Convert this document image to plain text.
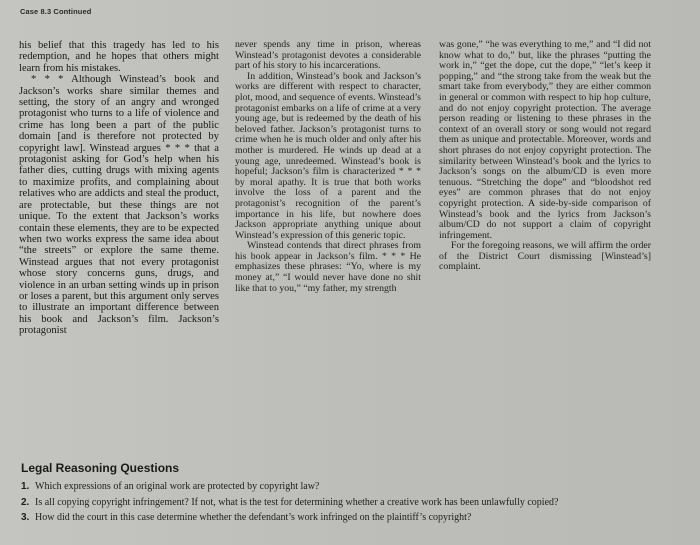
Case 8.3 Continued

his belief that this tragedy has led to his redemption, and he hopes that others might learn from his mistakes.

* * * Although Winstead’s book and Jackson’s works share similar themes and setting, the story of an angry and wronged protagonist who turns to a life of violence and crime has long been a part of the public domain [and is therefore not protected by copyright law]. Winstead argues * * * that a protagonist asking for God’s help when his father dies, cutting drugs with mixing agents to maximize profits, and complaining about relatives who are addicts and steal the product, are protectable, but these things are not unique. To the extent that Jackson’s works contain these elements, they are to be expected when two works express the same idea about “the streets” or explore the same theme. Winstead argues that not every protagonist whose story concerns guns, drugs, and violence in an urban setting winds up in prison or loses a parent, but this argument only serves to illustrate an important difference between his book and Jackson’s film. Jackson’s protagonist

never spends any time in prison, whereas Winstead’s protagonist devotes a considerable part of his story to his incarcerations.

In addition, Winstead’s book and Jackson’s works are different with respect to character, plot, mood, and sequence of events. Winstead’s protagonist embarks on a life of crime at a very young age, but is redeemed by the death of his beloved father. Jackson’s protagonist turns to crime when he is much older and only after his mother is murdered. He winds up dead at a young age, unredeemed. Winstead’s book is hopeful; Jackson’s film is characterized * * * by moral apathy. It is true that both works involve the loss of a parent and the protagonist’s recognition of the parent’s importance in his life, but nowhere does Jackson appropriate anything unique about Winstead’s expression of this generic topic.

Winstead contends that direct phrases from his book appear in Jackson’s film. * * * He emphasizes these phrases: “Yo, where is my money at,” “I would never have done no shit like that to you,” “my father, my strength

was gone,” “he was everything to me,” and “I did not know what to do,” but, like the phrases “putting the work in,” “get the dope, cut the dope,” “let’s keep it popping,” and “the strong take from the weak but the smart take from everybody,” they are either common in general or common with respect to hip hop culture, and do not enjoy copyright protection. The average person reading or listening to these phrases in the context of an overall story or song would not regard them as unique and protectable. Moreover, words and short phrases do not enjoy copyright protection. The similarity between Winstead’s book and the lyrics to Jackson’s songs on the album/CD is even more tenuous. “Stretching the dope” and “bloodshot red eyes” are common phrases that do not enjoy copyright protection. A side-by-side comparison of Winstead’s book and the lyrics from Jackson’s album/CD do not support a claim of copyright infringement.

For the foregoing reasons, we will affirm the order of the District Court dismissing [Winstead’s] complaint.

Legal Reasoning Questions
1. Which expressions of an original work are protected by copyright law?
2. Is all copying copyright infringement? If not, what is the test for determining whether a creative work has been unlawfully copied?
3. How did the court in this case determine whether the defendant’s work infringed on the plaintiff’s copyright?
